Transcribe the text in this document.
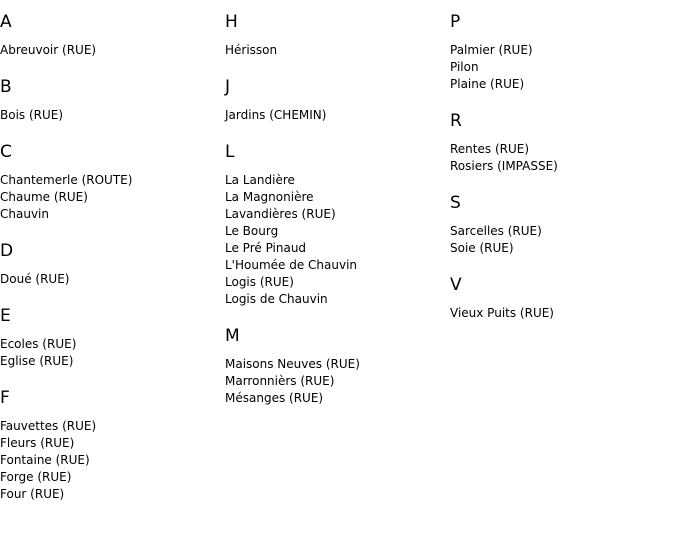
A
Abreuvoir (RUE)
B
Bois (RUE)
C
Chantemerle (ROUTE)
Chaume (RUE)
Chauvin
D
Doué (RUE)
E
Ecoles (RUE)
Eglise (RUE)
F
Fauvettes (RUE)
Fleurs (RUE)
Fontaine (RUE)
Forge (RUE)
Four (RUE)
H
Hérisson
J
Jardins (CHEMIN)
L
La Landière
La Magnonière
Lavandières (RUE)
Le Bourg
Le Pré Pinaud
L'Houmée de Chauvin
Logis (RUE)
Logis de Chauvin
M
Maisons Neuves (RUE)
Marronnièrs (RUE)
Mésanges (RUE)
P
Palmier (RUE)
Pilon
Plaine (RUE)
R
Rentes (RUE)
Rosiers (IMPASSE)
S
Sarcelles (RUE)
Soie (RUE)
V
Vieux Puits (RUE)
